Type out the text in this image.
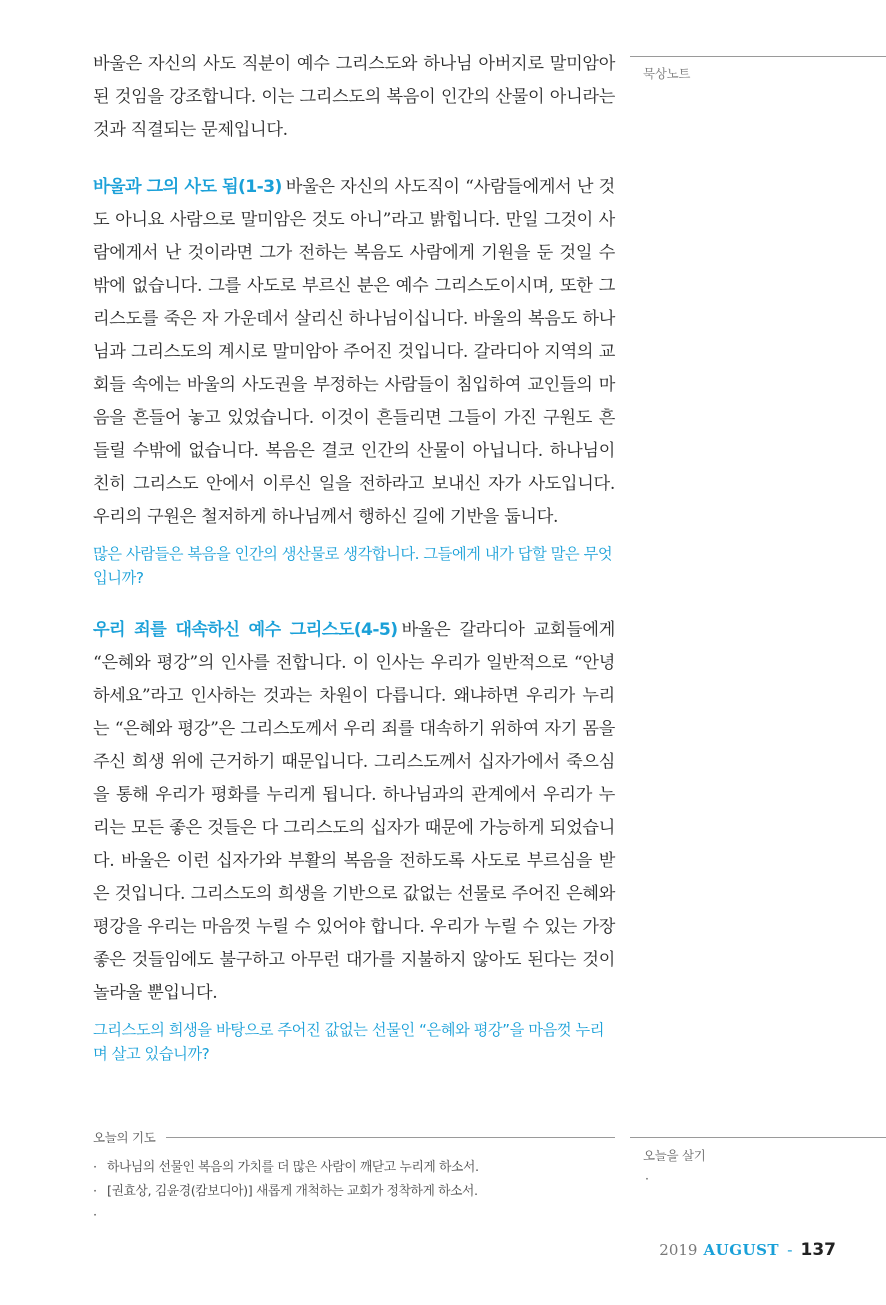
바울은 자신의 사도 직분이 예수 그리스도와 하나님 아버지로 말미암아 된 것임을 강조합니다. 이는 그리스도의 복음이 인간의 산물이 아니라는 것과 직결되는 문제입니다.

바울과 그의 사도 됨(1-3) 바울은 자신의 사도직이 “사람들에게서 난 것도 아니요 사람으로 말미암은 것도 아니”라고 밝힙니다. 만일 그것이 사람에게서 난 것이라면 그가 전하는 복음도 사람에게 기원을 둔 것일 수밖에 없습니다. 그를 사도로 부르신 분은 예수 그리스도이시며, 또한 그리스도를 죽은 자 가운데서 살리신 하나님이십니다. 바울의 복음도 하나님과 그리스도의 계시로 말미암아 주어진 것입니다. 갈라디아 지역의 교회들 속에는 바울의 사도권을 부정하는 사람들이 침입하여 교인들의 마음을 흔들어 놓고 있었습니다. 이것이 흔들리면 그들이 가진 구원도 흔들릴 수밖에 없습니다. 복음은 결코 인간의 산물이 아닙니다. 하나님이 친히 그리스도 안에서 이루신 일을 전하라고 보내신 자가 사도입니다. 우리의 구원은 철저하게 하나님께서 행하신 길에 기반을 둡니다.

많은 사람들은 복음을 인간의 생산물로 생각합니다. 그들에게 내가 답할 말은 무엇입니까?

우리 죄를 대속하신 예수 그리스도(4-5) 바울은 갈라디아 교회들에게 “은혜와 평강”의 인사를 전합니다. 이 인사는 우리가 일반적으로 “안녕하세요”라고 인사하는 것과는 차원이 다릅니다. 왜냐하면 우리가 누리는 “은혜와 평강”은 그리스도께서 우리 죄를 대속하기 위하여 자기 몸을 주신 희생 위에 근거하기 때문입니다. 그리스도께서 십자가에서 죽으심을 통해 우리가 평화를 누리게 됩니다. 하나님과의 관계에서 우리가 누리는 모든 좋은 것들은 다 그리스도의 십자가 때문에 가능하게 되었습니다. 바울은 이런 십자가와 부활의 복음을 전하도록 사도로 부르심을 받은 것입니다. 그리스도의 희생을 기반으로 값없는 선물로 주어진 은혜와 평강을 우리는 마음껏 누릴 수 있어야 합니다. 우리가 누릴 수 있는 가장 좋은 것들임에도 불구하고 아무런 대가를 지불하지 않아도 된다는 것이 놀라울 뿐입니다.

그리스도의 희생을 바탕으로 주어진 값없는 선물인 “은혜와 평강”을 마음껏 누리며 살고 있습니까?

묵상노트
오늘의 기도
· 하나님의 선물인 복음의 가치를 더 많은 사람이 깨닫고 누리게 하소서.
· [권효상, 김윤경(캄보디아)] 새롭게 개척하는 교회가 정착하게 하소서.
·
오늘을 살기
·
2019 AUGUST - 137
